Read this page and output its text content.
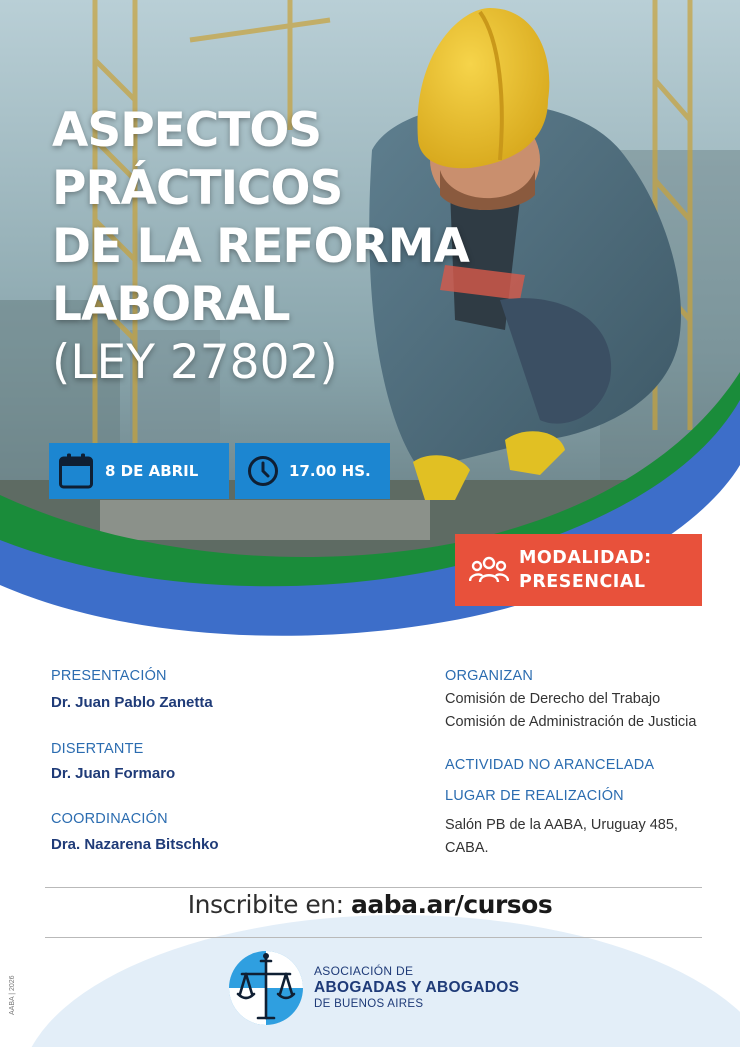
ASPECTOS
PRÁCTICOS
DE LA REFORMA
LABORAL
(LEY 27802)
8 DE ABRIL	17.00 HS.
MODALIDAD:
PRESENCIAL

PRESENTACIÓN

Dr. Juan Pablo Zanetta

DISERTANTE

Dr. Juan Formaro

COORDINACIÓN

Dra. Nazarena Bitschko

ORGANIZAN

Comisión de Derecho del Trabajo

Comisión de Administración de Justicia

ACTIVIDAD NO ARANCELADA

LUGAR DE REALIZACIÓN

Salón PB de la AABA, Uruguay 485,

CABA.

Inscribite en: aaba.ar/cursos
ASOCIACIÓN DE
ABOGADAS Y ABOGADOS
DE BUENOS AIRES
AABA | 2026
